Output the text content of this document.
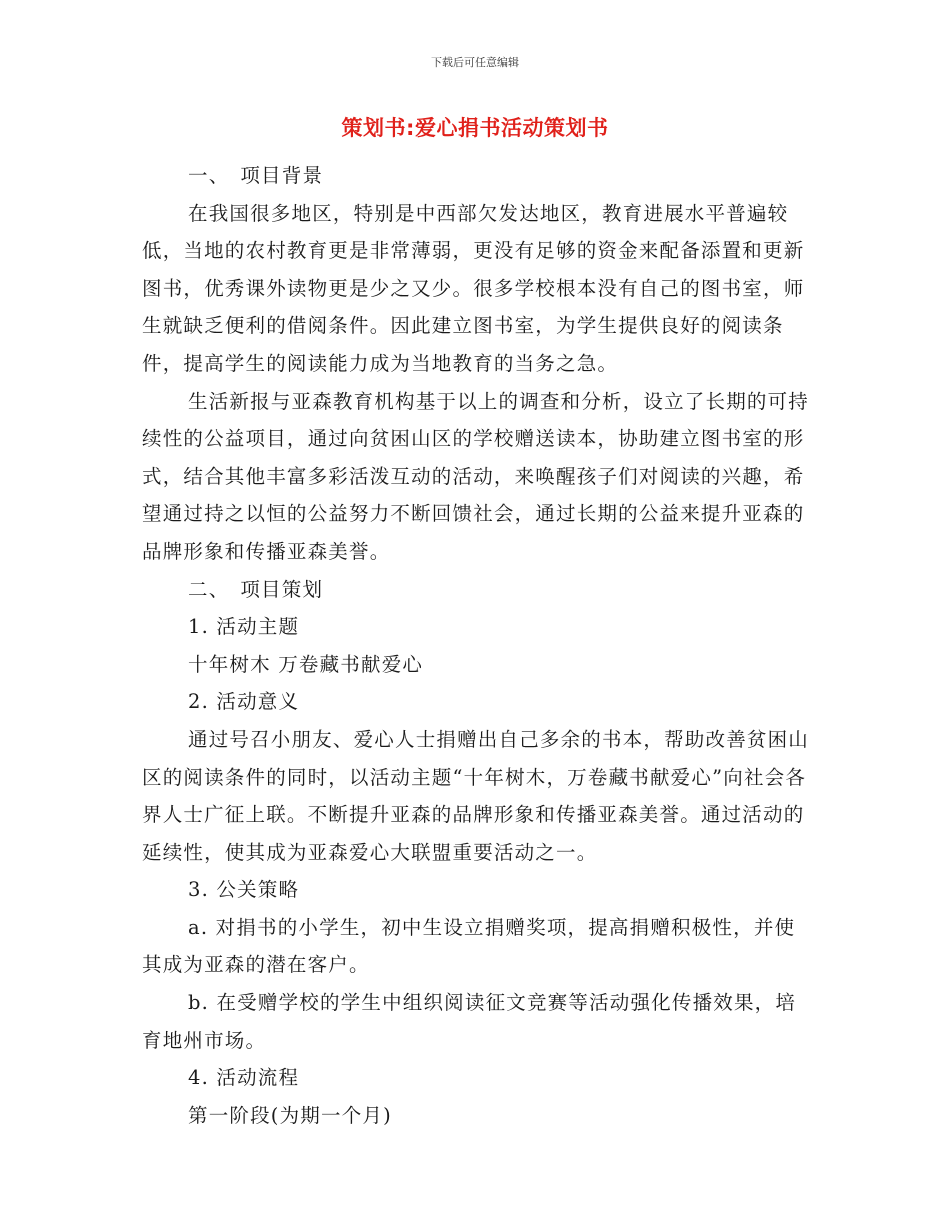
下载后可任意编辑
策划书:爱心捐书活动策划书

一、　项目背景

在我国很多地区，特别是中西部欠发达地区，教育进展水平普遍较低，当地的农村教育更是非常薄弱，更没有足够的资金来配备添置和更新图书，优秀课外读物更是少之又少。很多学校根本没有自己的图书室，师生就缺乏便利的借阅条件。因此建立图书室，为学生提供良好的阅读条件，提高学生的阅读能力成为当地教育的当务之急。

生活新报与亚森教育机构基于以上的调查和分析，设立了长期的可持续性的公益项目，通过向贫困山区的学校赠送读本，协助建立图书室的形式，结合其他丰富多彩活泼互动的活动，来唤醒孩子们对阅读的兴趣，希望通过持之以恒的公益努力不断回馈社会，通过长期的公益来提升亚森的品牌形象和传播亚森美誉。

二、　项目策划

1. 活动主题

十年树木 万卷藏书献爱心

2. 活动意义

通过号召小朋友、爱心人士捐赠出自己多余的书本，帮助改善贫困山区的阅读条件的同时，以活动主题“十年树木，万卷藏书献爱心”向社会各界人士广征上联。不断提升亚森的品牌形象和传播亚森美誉。通过活动的延续性，使其成为亚森爱心大联盟重要活动之一。

3. 公关策略

a. 对捐书的小学生，初中生设立捐赠奖项，提高捐赠积极性，并使其成为亚森的潜在客户。

b. 在受赠学校的学生中组织阅读征文竞赛等活动强化传播效果，培育地州市场。

4. 活动流程

第一阶段(为期一个月)
